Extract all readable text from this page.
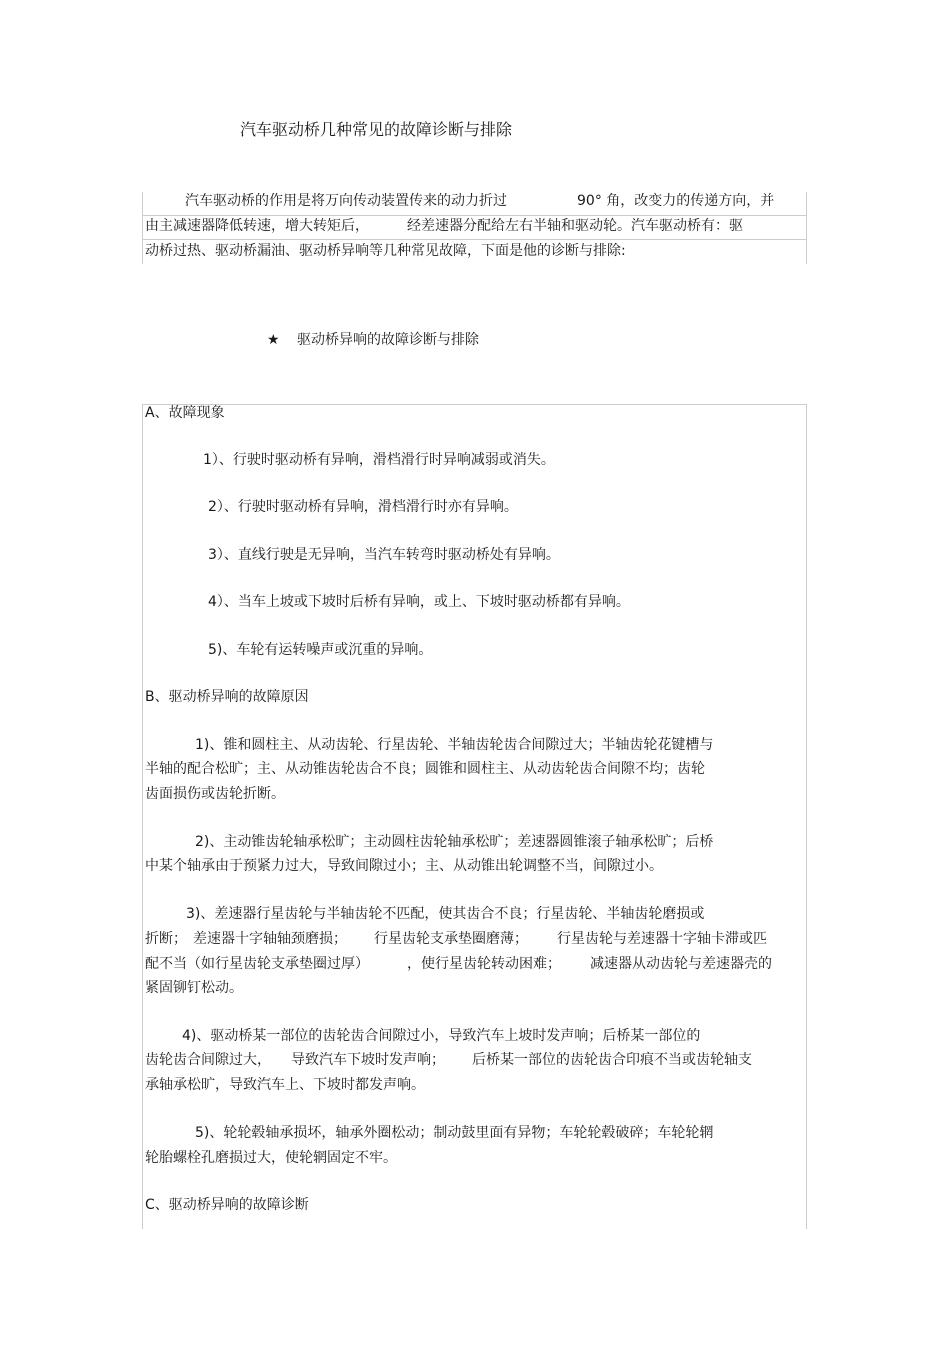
汽车驱动桥几种常见的故障诊断与排除
汽车驱动桥的作用是将万向传动装置传来的动力折过	90° 角，改变力的传递方向，并
由主减速器降低转速，增大转矩后，	经差速器分配给左右半轴和驱动轮。汽车驱动桥有：驱
动桥过热、驱动桥漏油、驱动桥异响等几种常见故障，下面是他的诊断与排除:
★ 驱动桥异响的故障诊断与排除
A、故障现象
1）、行驶时驱动桥有异响，滑档滑行时异响减弱或消失。
2）、行驶时驱动桥有异响，滑档滑行时亦有异响。
3）、直线行驶是无异响，当汽车转弯时驱动桥处有异响。
4）、当车上坡或下坡时后桥有异响，或上、下坡时驱动桥都有异响。
5)、车轮有运转噪声或沉重的异响。
B、驱动桥异响的故障原因
1)、锥和圆柱主、从动齿轮、行星齿轮、半轴齿轮齿合间隙过大；半轴齿轮花键槽与
半轴的配合松旷；主、从动锥齿轮齿合不良；圆锥和圆柱主、从动齿轮齿合间隙不均；齿轮
齿面损伤或齿轮折断。
2)、主动锥齿轮轴承松旷；主动圆柱齿轮轴承松旷；差速器圆锥滚子轴承松旷；后桥
中某个轴承由于预紧力过大，导致间隙过小；主、从动锥出轮调整不当，间隙过小。
3)、差速器行星齿轮与半轴齿轮不匹配，使其齿合不良；行星齿轮、半轴齿轮磨损或
折断； 差速器十字轴轴颈磨损； 行星齿轮支承垫圈磨薄； 行星齿轮与差速器十字轴卡滞或匹
配不当（如行星齿轮支承垫圈过厚）	，使行星齿轮转动困难； 减速器从动齿轮与差速器壳的
紧固铆钉松动。
4)、驱动桥某一部位的齿轮齿合间隙过小，导致汽车上坡时发声响；后桥某一部位的
齿轮齿合间隙过大， 导致汽车下坡时发声响； 后桥某一部位的齿轮齿合印痕不当或齿轮轴支
承轴承松旷，导致汽车上、下坡时都发声响。
5)、轮轮毂轴承损坏，轴承外圈松动；制动鼓里面有异物；车轮轮毂破碎；车轮轮辋
轮胎螺栓孔磨损过大，使轮辋固定不牢。
C、驱动桥异响的故障诊断
